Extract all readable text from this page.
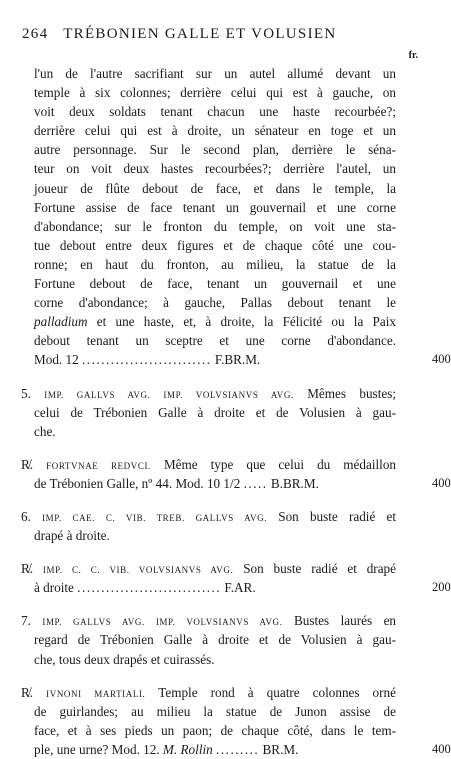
264 TRÉBONIEN GALLE ET VOLUSIEN
fr.
l'un de l'autre sacrifiant sur un autel allumé devant un
temple à six colonnes; derrière celui qui est à gauche, on
voit deux soldats tenant chacun une haste recourbée?;
derrière celui qui est à droite, un sénateur en toge et un
autre personnage. Sur le second plan, derrière le séna-
teur on voit deux hastes recourbées?; derrière l'autel, un
joueur de flûte debout de face, et dans le temple, la
Fortune assise de face tenant un gouvernail et une corne
d'abondance; sur le fronton du temple, on voit une sta-
tue debout entre deux figures et de chaque côté une cou-
ronne; en haut du fronton, au milieu, la statue de la
Fortune debout de face, tenant un gouvernail et une
corne d'abondance; à gauche, Pallas debout tenant le
palladium et une haste, et, à droite, la Félicité ou la Paix
debout tenant un sceptre et une corne d'abondance.
Mod. 12 ........................... F.BR.M.	400
5. IMP. GALLVS AVG. IMP. VOLVSIANVS AVG. Mêmes bustes;
celui de Trébonien Galle à droite et de Volusien à gau-
che.
R̸. FORTVNAE REDVCI. Même type que celui du médaillon
de Trébonien Galle, nº 44. Mod. 10 1/2 ..... B.BR.M.	400
6. IMP. CAE. C. VIB. TREB. GALLVS AVG. Son buste radié et
drapé à droite.
R̸. IMP. C. C. VIB. VOLVSIANVS AVG. Son buste radié et drapé
à droite .............................. F.AR.	200
7. IMP. GALLVS AVG. IMP. VOLVSIANVS AVG. Bustes laurés en
regard de Trébonien Galle à droite et de Volusien à gau-
che, tous deux drapés et cuirassés.
R̸. IVNONI MARTIALI. Temple rond à quatre colonnes orné
de guirlandes; au milieu la statue de Junon assise de
face, et à ses pieds un paon; de chaque côté, dans le tem-
ple, une urne? Mod. 12. M. Rollin ......... BR.M.	400
